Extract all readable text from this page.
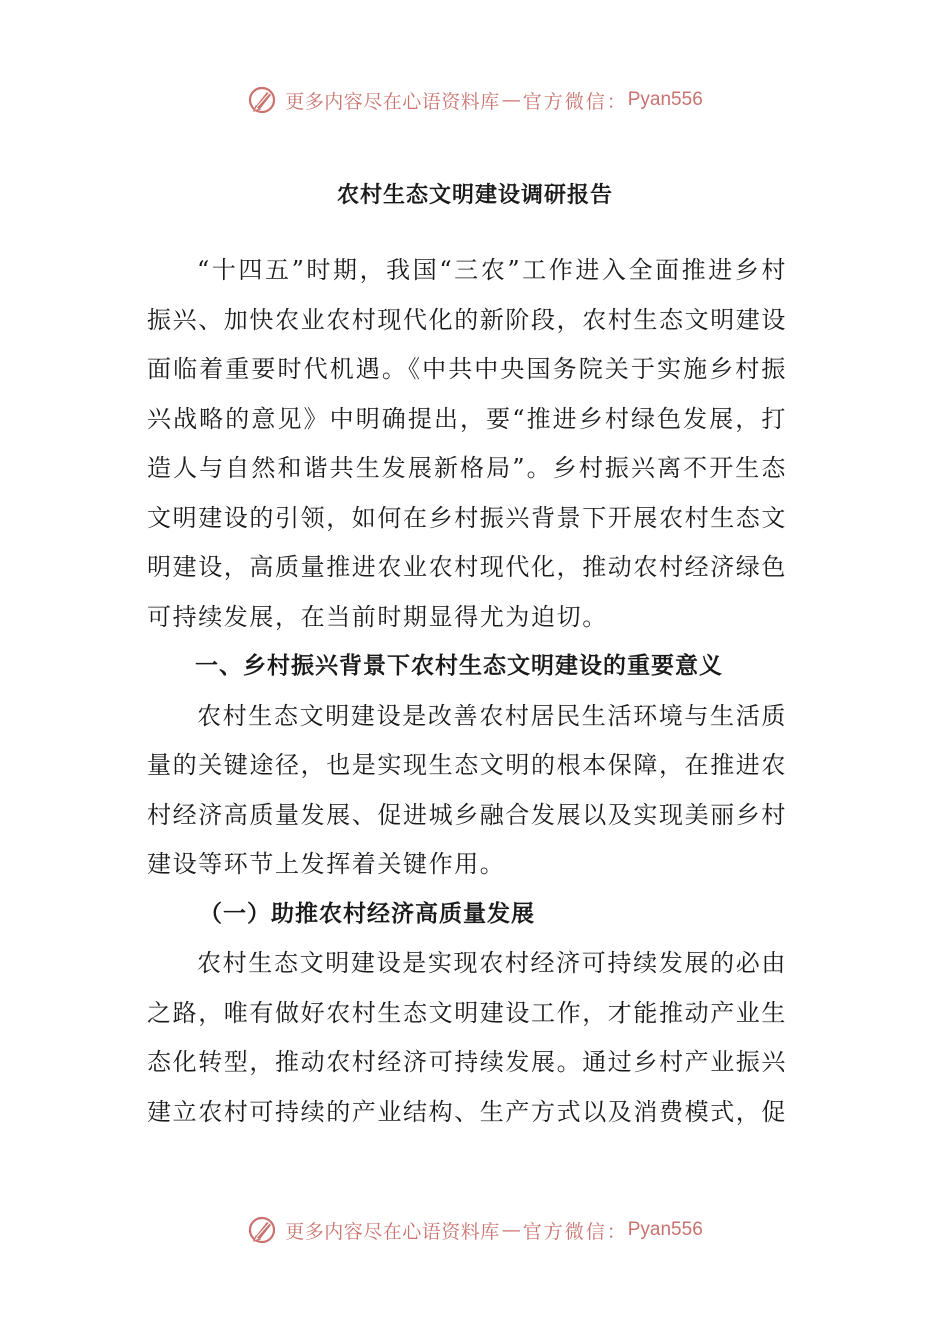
更多内容尽在心语资料库 — 官方微信： Pyan556
农村生态文明建设调研报告

“十四五”时期，我国“三农”工作进入全面推进乡村振兴、加快农业农村现代化的新阶段，农村生态文明建设面临着重要时代机遇。《中共中央国务院关于实施乡村振兴战略的意见》中明确提出，要“推进乡村绿色发展，打造人与自然和谐共生发展新格局”。乡村振兴离不开生态文明建设的引领，如何在乡村振兴背景下开展农村生态文明建设，高质量推进农业农村现代化，推动农村经济绿色可持续发展，在当前时期显得尤为迫切。

一、乡村振兴背景下农村生态文明建设的重要意义

农村生态文明建设是改善农村居民生活环境与生活质量的关键途径，也是实现生态文明的根本保障，在推进农村经济高质量发展、促进城乡融合发展以及实现美丽乡村建设等环节上发挥着关键作用。

（一）助推农村经济高质量发展

农村生态文明建设是实现农村经济可持续发展的必由之路，唯有做好农村生态文明建设工作，才能推动产业生态化转型，推动农村经济可持续发展。通过乡村产业振兴建立农村可持续的产业结构、生产方式以及消费模式，促

更多内容尽在心语资料库 — 官方微信： Pyan556
